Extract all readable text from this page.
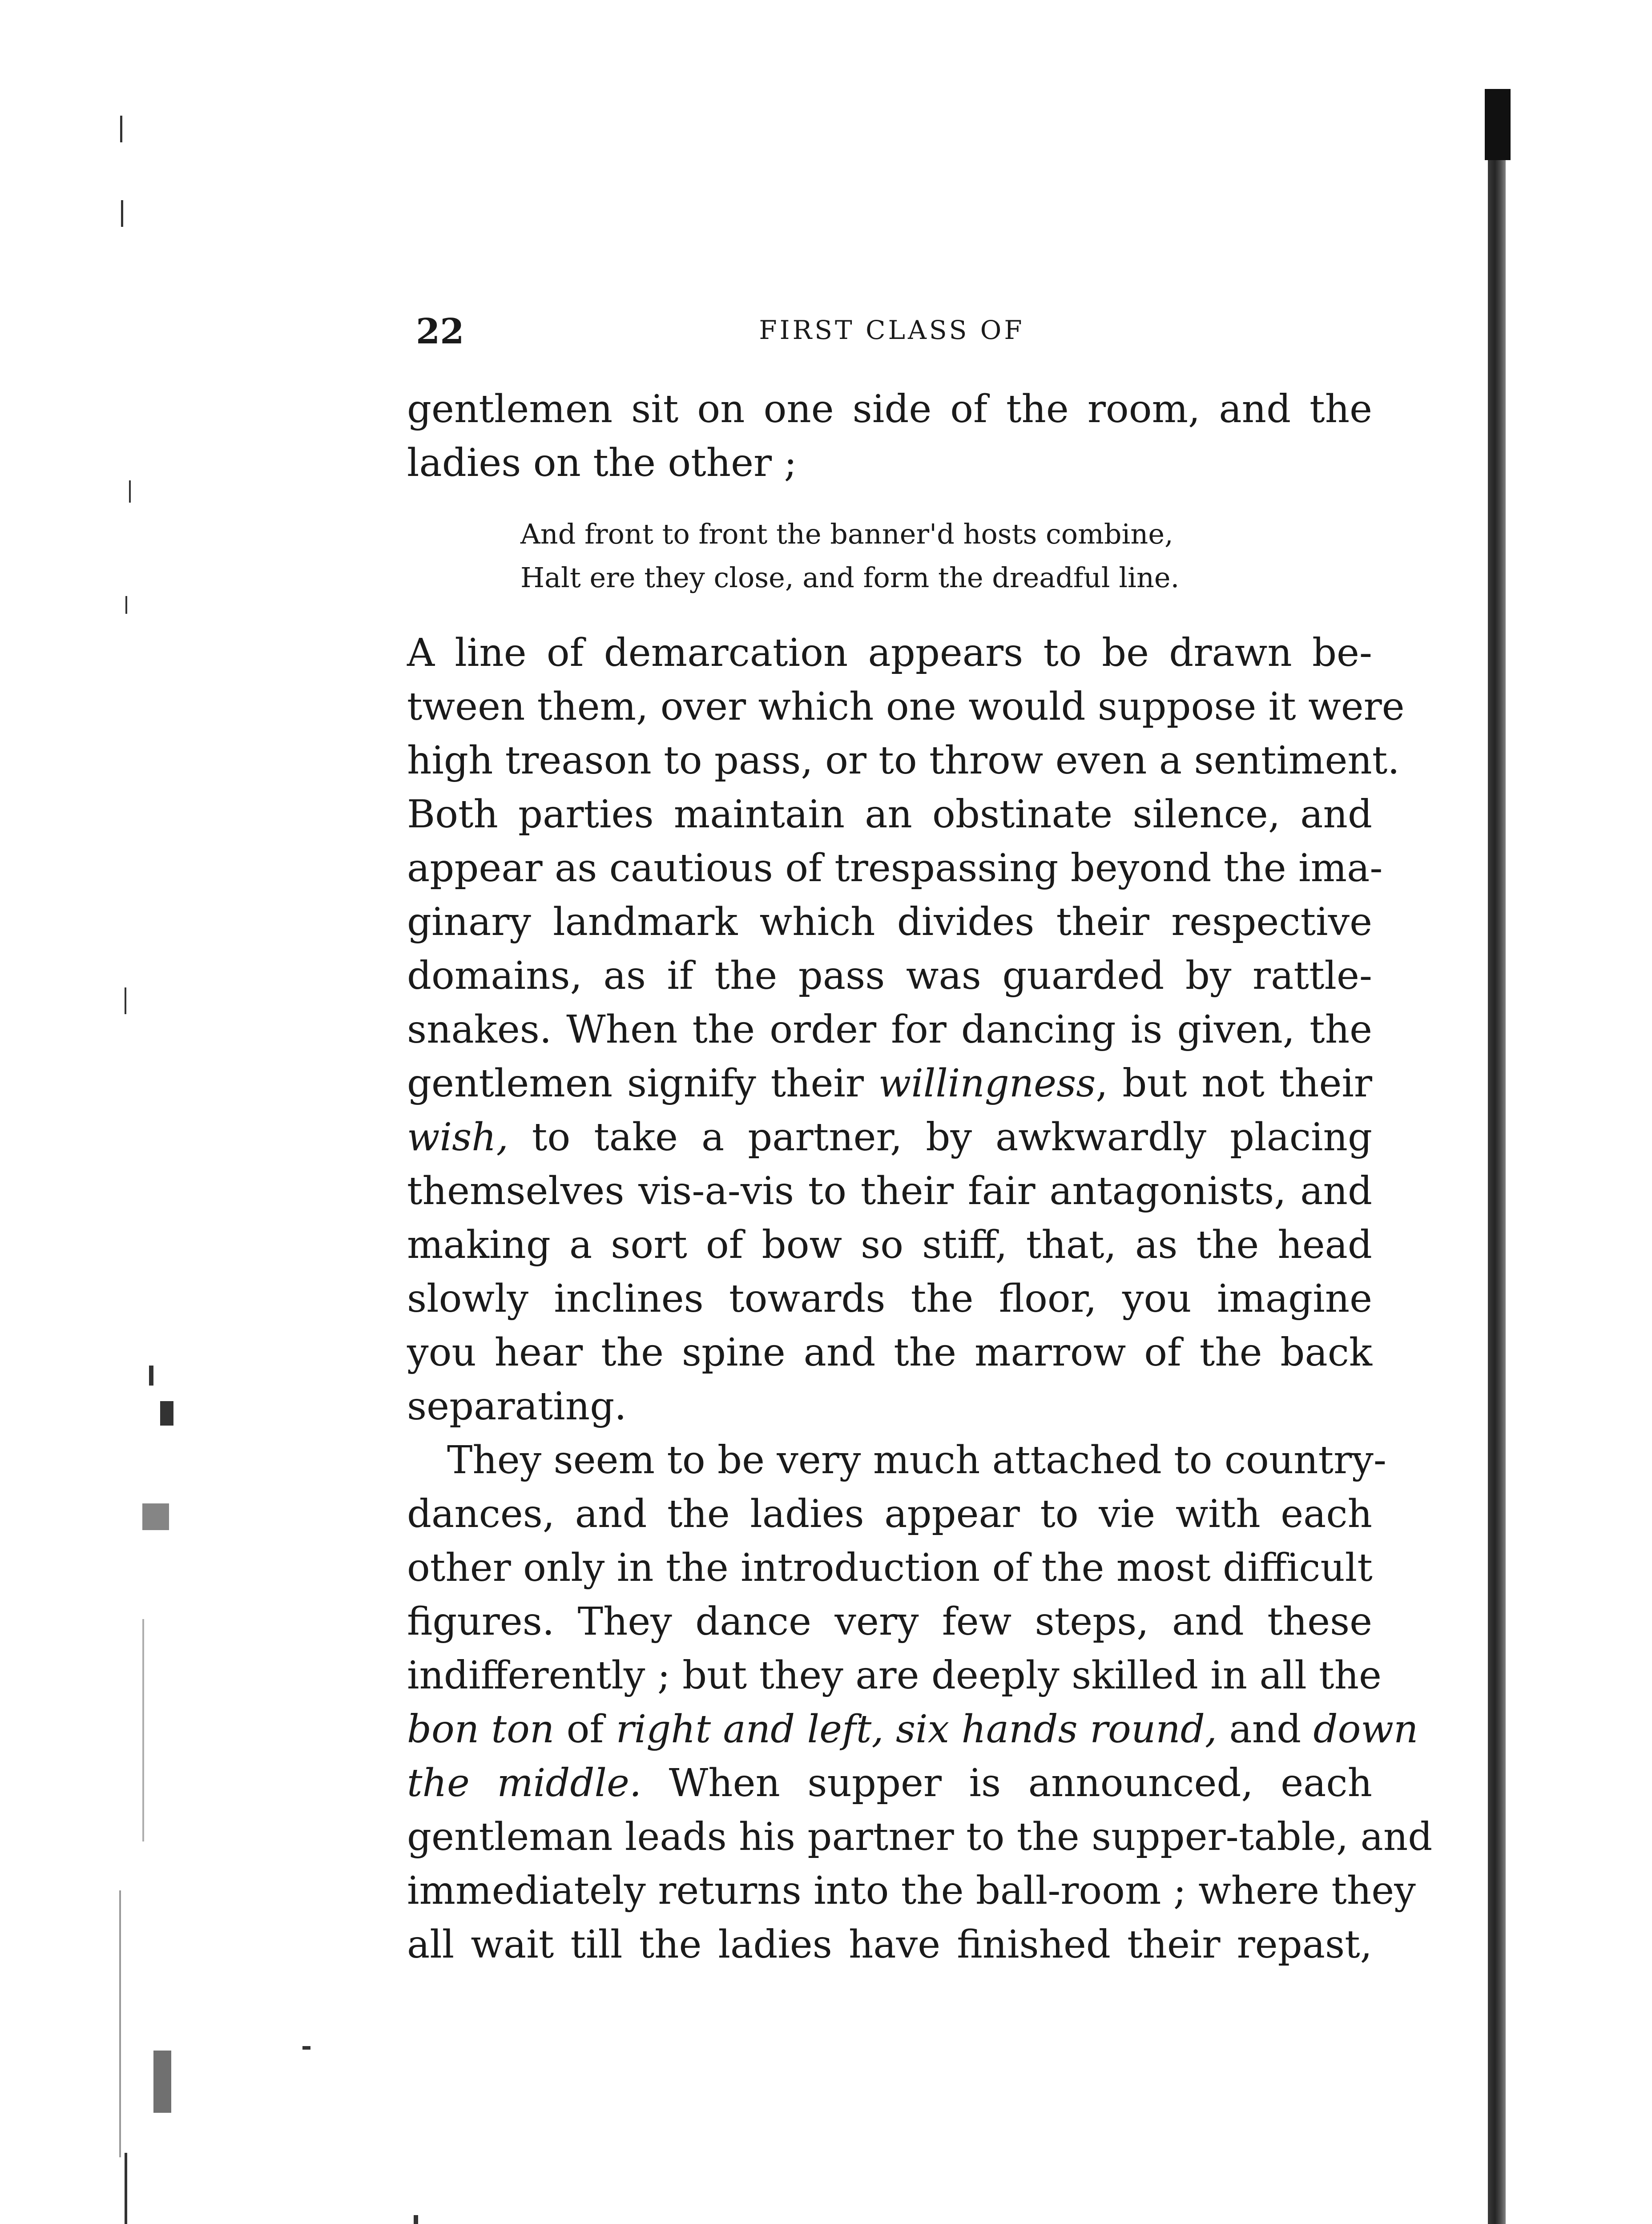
22	FIRST CLASS OF
gentlemen sit on one side of the room, and the
ladies on the other ;
And front to front the banner'd hosts combine,
Halt ere they close, and form the dreadful line.
A line of demarcation appears to be drawn be-
tween them, over which one would suppose it were
high treason to pass, or to throw even a sentiment.
Both parties maintain an obstinate silence, and
appear as cautious of trespassing beyond the ima-
ginary landmark which divides their respective
domains, as if the pass was guarded by rattle-
snakes. When the order for dancing is given, the
gentlemen signify their willingness, but not their
wish, to take a partner, by awkwardly placing
themselves vis-a-vis to their fair antagonists, and
making a sort of bow so stiff, that, as the head
slowly inclines towards the floor, you imagine
you hear the spine and the marrow of the back
separating.
They seem to be very much attached to country-
dances, and the ladies appear to vie with each
other only in the introduction of the most difficult
figures. They dance very few steps, and these
indifferently ; but they are deeply skilled in all the
bon ton of right and left, six hands round, and down
the middle. When supper is announced, each
gentleman leads his partner to the supper-table, and
immediately returns into the ball-room ; where they
all wait till the ladies have finished their repast,
